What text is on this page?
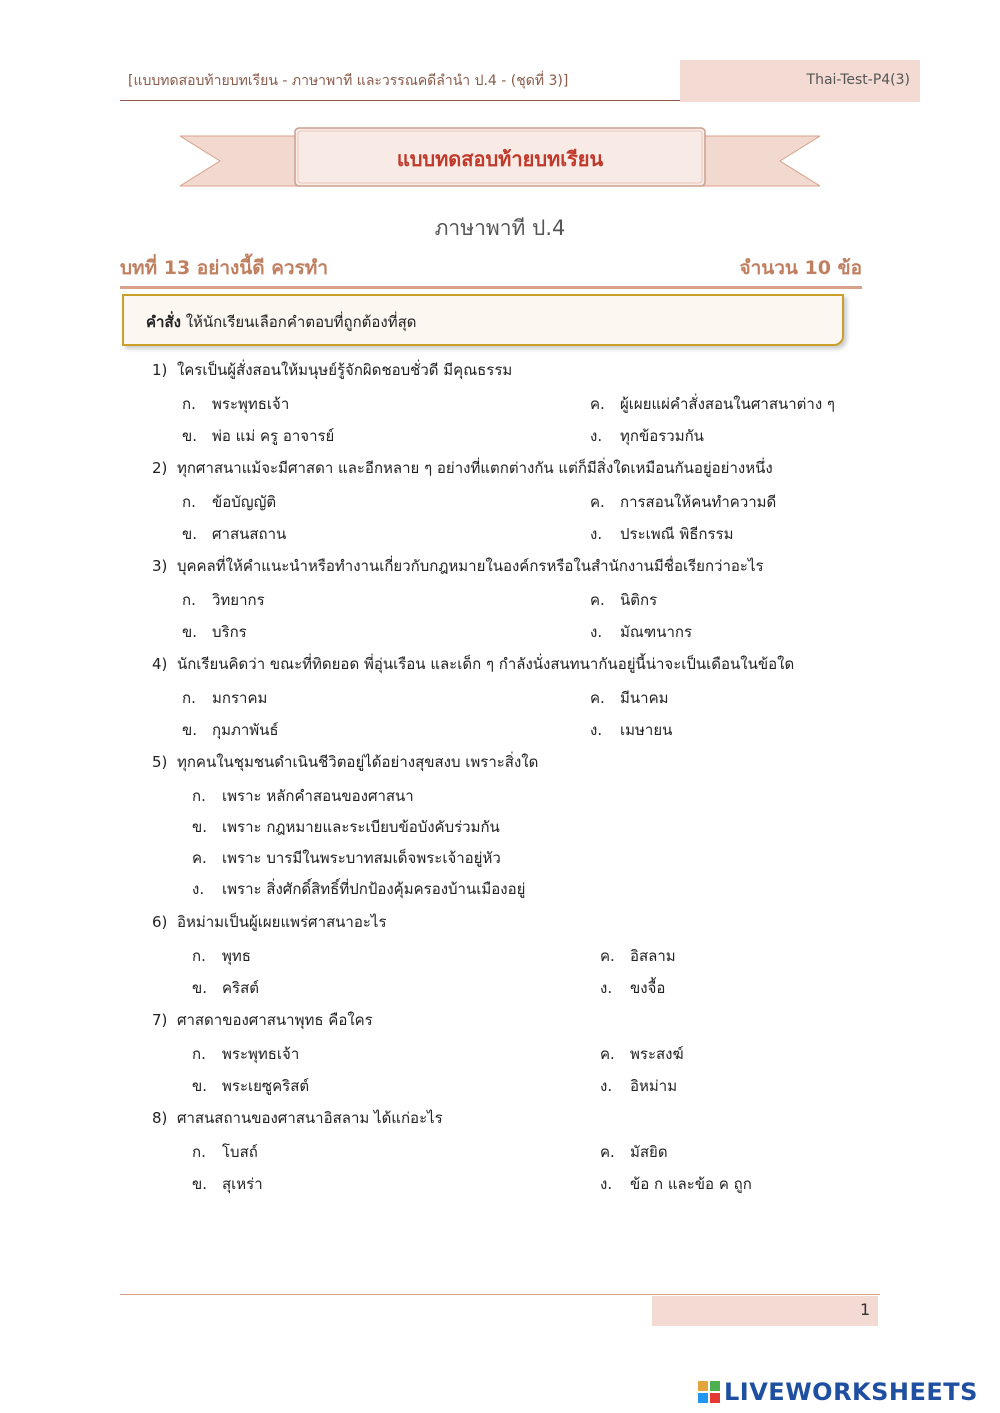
[แบบทดสอบท้ายบทเรียน - ภาษาพาที และวรรณคดีลำนำ ป.4 - (ชุดที่ 3)]	Thai-Test-P4(3)
แบบทดสอบท้ายบทเรียน
ภาษาพาที ป.4
บทที่ 13 อย่างนี้ดี ควรทำ	จำนวน 10 ข้อ
คำสั่ง ให้นักเรียนเลือกคำตอบที่ถูกต้องที่สุด
1) ใครเป็นผู้สั่งสอนให้มนุษย์รู้จักผิดชอบชั่วดี มีคุณธรรม
ก. พระพุทธเจ้า	ค. ผู้เผยแผ่คำสั่งสอนในศาสนาต่าง ๆ
ข. พ่อ แม่ ครู อาจารย์	ง. ทุกข้อรวมกัน
2) ทุกศาสนาแม้จะมีศาสดา และอีกหลาย ๆ อย่างที่แตกต่างกัน แต่ก็มีสิ่งใดเหมือนกันอยู่อย่างหนึ่ง
ก. ข้อบัญญัติ	ค. การสอนให้คนทำความดี
ข. ศาสนสถาน	ง. ประเพณี พิธีกรรม
3) บุคคลที่ให้คำแนะนำหรือทำงานเกี่ยวกับกฎหมายในองค์กรหรือในสำนักงานมีชื่อเรียกว่าอะไร
ก. วิทยากร	ค. นิติกร
ข. บริกร	ง. มัณฑนากร
4) นักเรียนคิดว่า ขณะที่ทิดยอด พี่อุ่นเรือน และเด็ก ๆ กำลังนั่งสนทนากันอยู่นี้น่าจะเป็นเดือนในข้อใด
ก. มกราคม	ค. มีนาคม
ข. กุมภาพันธ์	ง. เมษายน
5) ทุกคนในชุมชนดำเนินชีวิตอยู่ได้อย่างสุขสงบ เพราะสิ่งใด
ก. เพราะ หลักคำสอนของศาสนา
ข. เพราะ กฎหมายและระเบียบข้อบังคับร่วมกัน
ค. เพราะ บารมีในพระบาทสมเด็จพระเจ้าอยู่หัว
ง. เพราะ สิ่งศักดิ์สิทธิ์ที่ปกป้องคุ้มครองบ้านเมืองอยู่
6) อิหม่ามเป็นผู้เผยแพร่ศาสนาอะไร
ก. พุทธ	ค. อิสลาม
ข. คริสต์	ง. ขงจื้อ
7) ศาสดาของศาสนาพุทธ คือใคร
ก. พระพุทธเจ้า	ค. พระสงฆ์
ข. พระเยซูคริสต์	ง. อิหม่าม
8) ศาสนสถานของศาสนาอิสลาม ได้แก่อะไร
ก. โบสถ์	ค. มัสยิด
ข. สุเหร่า	ง. ข้อ ก และข้อ ค ถูก
1
LIVEWORKSHEETS
